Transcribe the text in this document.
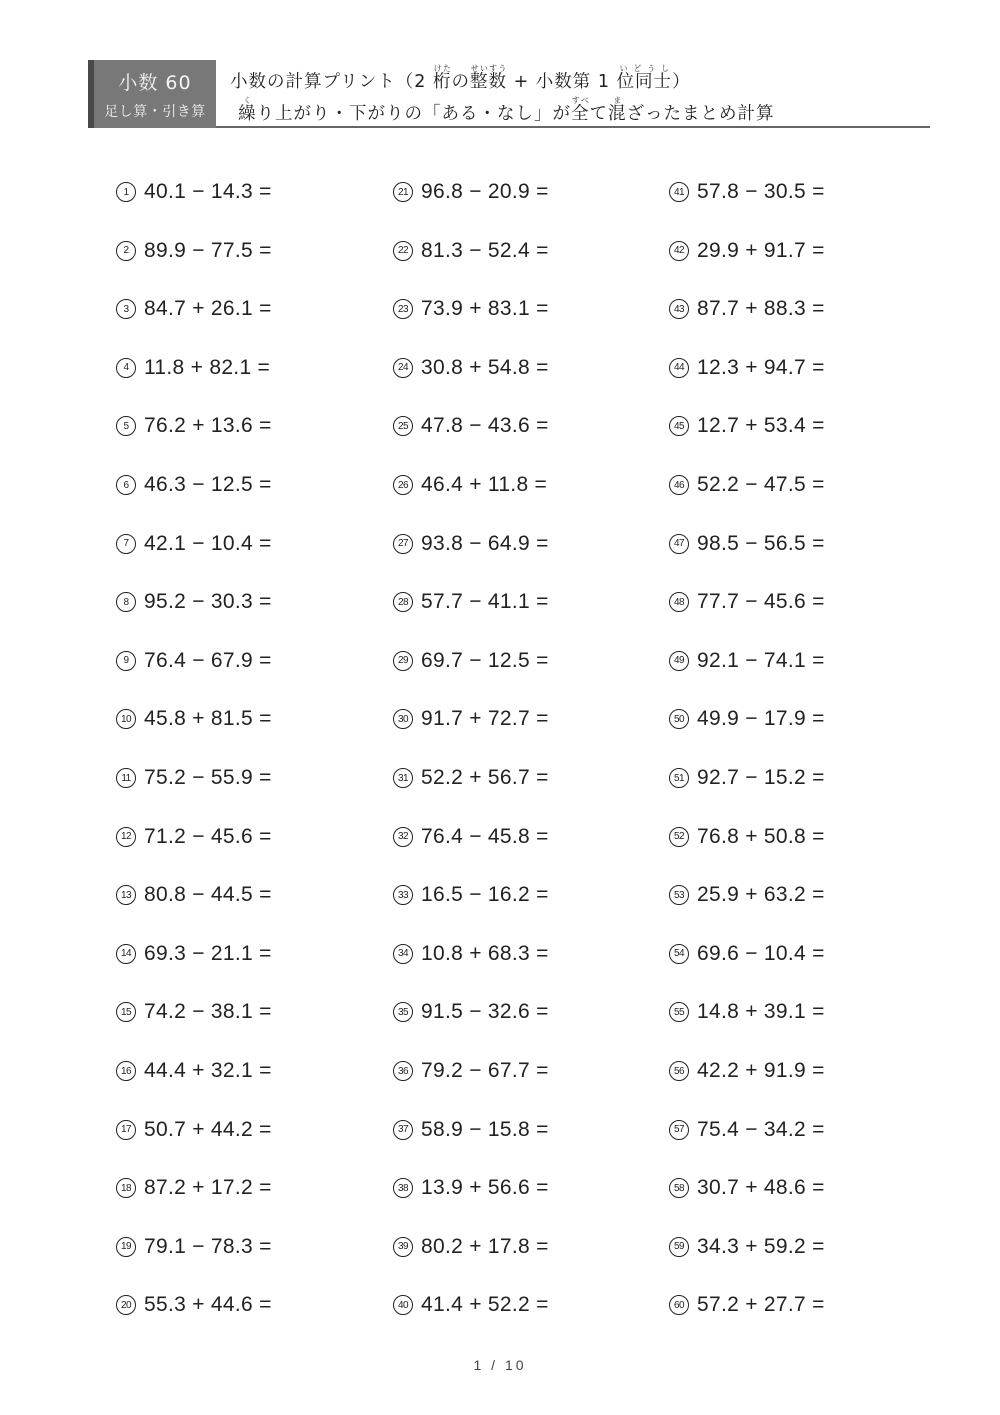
小数 60
足し算・引き算
小数の計算プリント（2 桁けたの整数せいすう + 小数第 1 位同士いどうし）
繰くり上がり・下がりの「ある・なし」が全すべて混まざったまとめ計算
1 40.1 − 14.3 =
2 89.9 − 77.5 =
3 84.7 + 26.1 =
4 11.8 + 82.1 =
5 76.2 + 13.6 =
6 46.3 − 12.5 =
7 42.1 − 10.4 =
8 95.2 − 30.3 =
9 76.4 − 67.9 =
10 45.8 + 81.5 =
11 75.2 − 55.9 =
12 71.2 − 45.6 =
13 80.8 − 44.5 =
14 69.3 − 21.1 =
15 74.2 − 38.1 =
16 44.4 + 32.1 =
17 50.7 + 44.2 =
18 87.2 + 17.2 =
19 79.1 − 78.3 =
20 55.3 + 44.6 =
21 96.8 − 20.9 =
22 81.3 − 52.4 =
23 73.9 + 83.1 =
24 30.8 + 54.8 =
25 47.8 − 43.6 =
26 46.4 + 11.8 =
27 93.8 − 64.9 =
28 57.7 − 41.1 =
29 69.7 − 12.5 =
30 91.7 + 72.7 =
31 52.2 + 56.7 =
32 76.4 − 45.8 =
33 16.5 − 16.2 =
34 10.8 + 68.3 =
35 91.5 − 32.6 =
36 79.2 − 67.7 =
37 58.9 − 15.8 =
38 13.9 + 56.6 =
39 80.2 + 17.8 =
40 41.4 + 52.2 =
41 57.8 − 30.5 =
42 29.9 + 91.7 =
43 87.7 + 88.3 =
44 12.3 + 94.7 =
45 12.7 + 53.4 =
46 52.2 − 47.5 =
47 98.5 − 56.5 =
48 77.7 − 45.6 =
49 92.1 − 74.1 =
50 49.9 − 17.9 =
51 92.7 − 15.2 =
52 76.8 + 50.8 =
53 25.9 + 63.2 =
54 69.6 − 10.4 =
55 14.8 + 39.1 =
56 42.2 + 91.9 =
57 75.4 − 34.2 =
58 30.7 + 48.6 =
59 34.3 + 59.2 =
60 57.2 + 27.7 =
1 / 10
